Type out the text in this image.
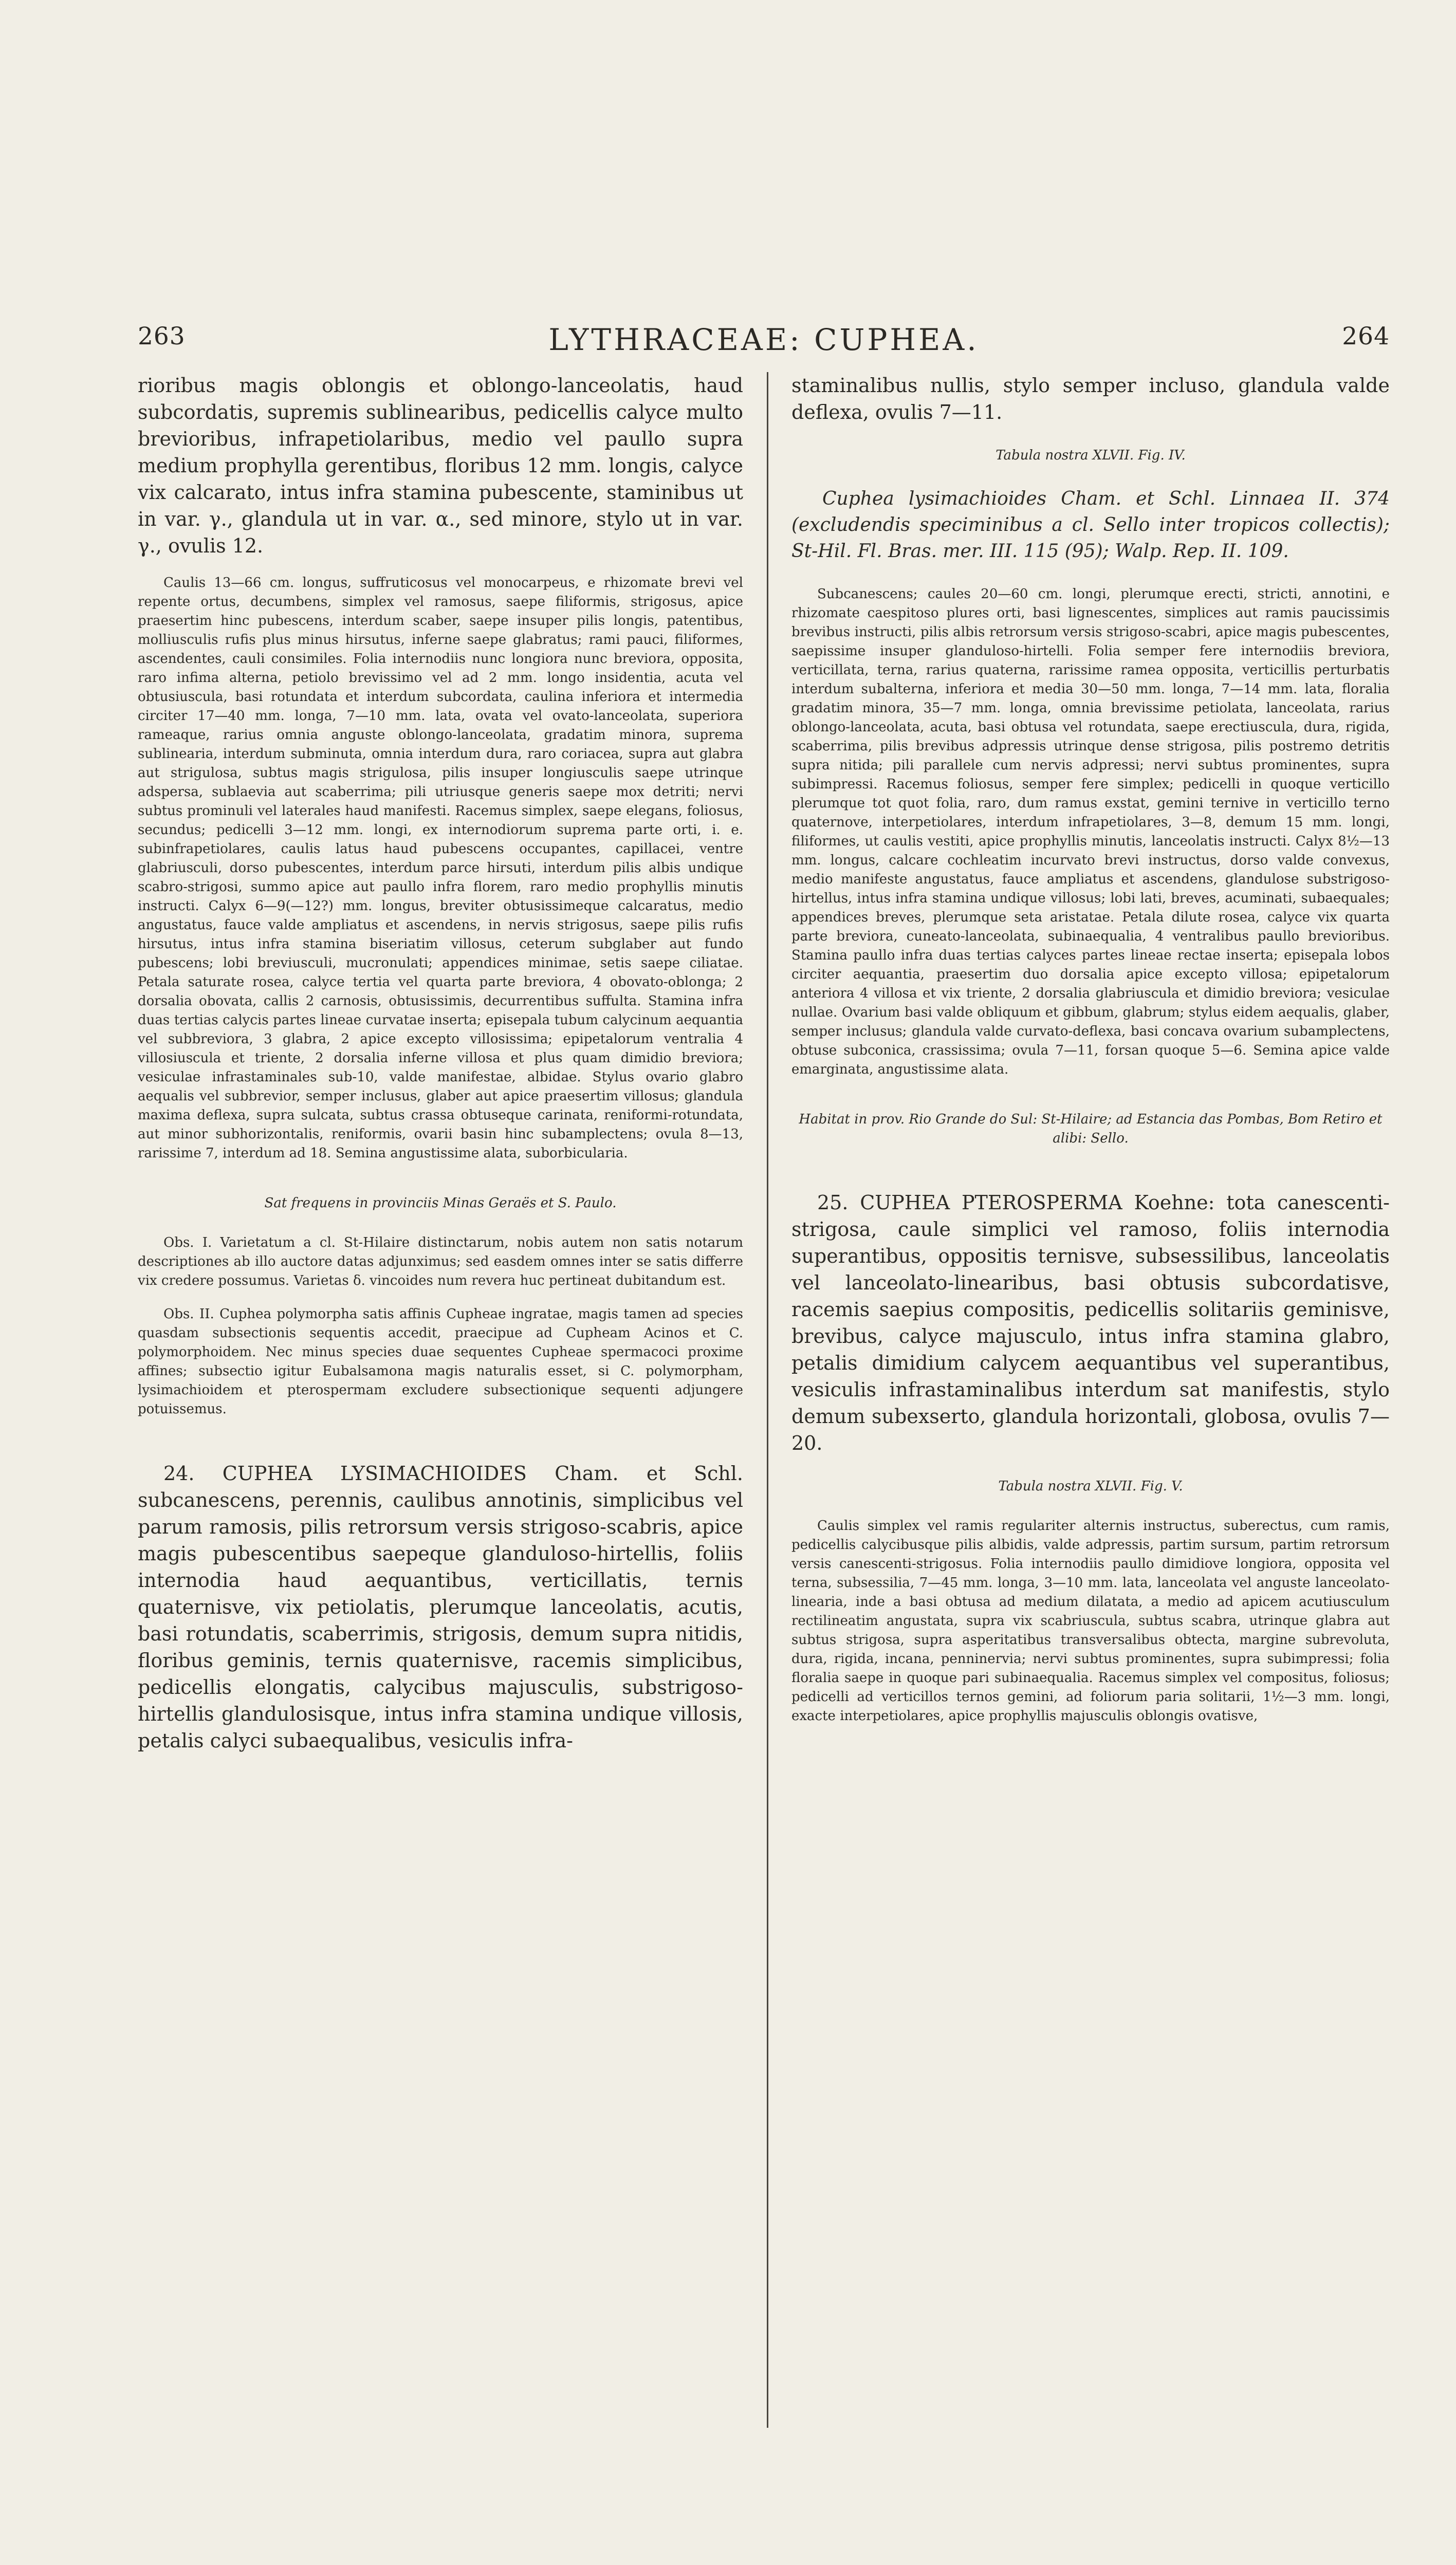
263	LYTHRACEAE: CUPHEA.	264

rioribus magis oblongis et oblongo-lanceolatis, haud subcordatis, supremis sublinearibus, pedicellis calyce multo brevioribus, infrapetiolaribus, medio vel paullo supra medium prophylla gerentibus, floribus 12 mm. longis, calyce vix calcarato, intus infra stamina pubescente, staminibus ut in var. γ., glandula ut in var. α., sed minore, stylo ut in var. γ., ovulis 12.

Caulis 13—66 cm. longus, suffruticosus vel monocarpeus, e rhizomate brevi vel repente ortus, decumbens, simplex vel ramosus, saepe filiformis, strigosus, apice praesertim hinc pubescens, interdum scaber, saepe insuper pilis longis, patentibus, molliusculis rufis plus minus hirsutus, inferne saepe glabratus; rami pauci, filiformes, ascendentes, cauli consimiles. Folia internodiis nunc longiora nunc breviora, opposita, raro infima alterna, petiolo brevissimo vel ad 2 mm. longo insidentia, acuta vel obtusiuscula, basi rotundata et interdum subcordata, caulina inferiora et intermedia circiter 17—40 mm. longa, 7—10 mm. lata, ovata vel ovato-lanceolata, superiora rameaque, rarius omnia anguste oblongo-lanceolata, gradatim minora, suprema sublinearia, interdum subminuta, omnia interdum dura, raro coriacea, supra aut glabra aut strigulosa, subtus magis strigulosa, pilis insuper longiusculis saepe utrinque adspersa, sublaevia aut scaberrima; pili utriusque generis saepe mox detriti; nervi subtus prominuli vel laterales haud manifesti. Racemus simplex, saepe elegans, foliosus, secundus; pedicelli 3—12 mm. longi, ex internodiorum suprema parte orti, i. e. subinfrapetiolares, caulis latus haud pubescens occupantes, capillacei, ventre glabriusculi, dorso pubescentes, interdum parce hirsuti, interdum pilis albis undique scabro-strigosi, summo apice aut paullo infra florem, raro medio prophyllis minutis instructi. Calyx 6—9(—12?) mm. longus, breviter obtusissimeque calcaratus, medio angustatus, fauce valde ampliatus et ascendens, in nervis strigosus, saepe pilis rufis hirsutus, intus infra stamina biseriatim villosus, ceterum subglaber aut fundo pubescens; lobi breviusculi, mucronulati; appendices minimae, setis saepe ciliatae. Petala saturate rosea, calyce tertia vel quarta parte breviora, 4 obovato-oblonga; 2 dorsalia obovata, callis 2 carnosis, obtusissimis, decurrentibus suffulta. Stamina infra duas tertias calycis partes lineae curvatae inserta; episepala tubum calycinum aequantia vel subbreviora, 3 glabra, 2 apice excepto villosissima; epipetalorum ventralia 4 villosiuscula et triente, 2 dorsalia inferne villosa et plus quam dimidio breviora; vesiculae infrastaminales sub-10, valde manifestae, albidae. Stylus ovario glabro aequalis vel subbrevior, semper inclusus, glaber aut apice praesertim villosus; glandula maxima deflexa, supra sulcata, subtus crassa obtuseque carinata, reniformi-rotundata, aut minor subhorizontalis, reniformis, ovarii basin hinc subamplectens; ovula 8—13, rarissime 7, interdum ad 18. Semina angustissime alata, suborbicularia.

Sat frequens in provinciis Minas Geraës et S. Paulo.

Obs. I. Varietatum a cl. St-Hilaire distinctarum, nobis autem non satis notarum descriptiones ab illo auctore datas adjunximus; sed easdem omnes inter se satis differre vix credere possumus. Varietas δ. vincoides num revera huc pertineat dubitandum est.

Obs. II. Cuphea polymorpha satis affinis Cupheae ingratae, magis tamen ad species quasdam subsectionis sequentis accedit, praecipue ad Cupheam Acinos et C. polymorphoidem. Nec minus species duae sequentes Cupheae spermacoci proxime affines; subsectio igitur Eubalsamona magis naturalis esset, si C. polymorpham, lysimachioidem et pterospermam excludere subsectionique sequenti adjungere potuissemus.

24. CUPHEA LYSIMACHIOIDES Cham. et Schl. subcanescens, perennis, caulibus annotinis, simplicibus vel parum ramosis, pilis retrorsum versis strigoso-scabris, apice magis pubescentibus saepeque glanduloso-hirtellis, foliis internodia haud aequantibus, verticillatis, ternis quaternisve, vix petiolatis, plerumque lanceolatis, acutis, basi rotundatis, scaberrimis, strigosis, demum supra nitidis, floribus geminis, ternis quaternisve, racemis simplicibus, pedicellis elongatis, calycibus majusculis, substrigoso-hirtellis glandulosisque, intus infra stamina undique villosis, petalis calyci subaequalibus, vesiculis infra-

staminalibus nullis, stylo semper incluso, glandula valde deflexa, ovulis 7—11.

Tabula nostra XLVII. Fig. IV.

Cuphea lysimachioides Cham. et Schl. Linnaea II. 374 (excludendis speciminibus a cl. Sello inter tropicos collectis); St-Hil. Fl. Bras. mer. III. 115 (95); Walp. Rep. II. 109.

Subcanescens; caules 20—60 cm. longi, plerumque erecti, stricti, annotini, e rhizomate caespitoso plures orti, basi lignescentes, simplices aut ramis paucissimis brevibus instructi, pilis albis retrorsum versis strigoso-scabri, apice magis pubescentes, saepissime insuper glanduloso-hirtelli. Folia semper fere internodiis breviora, verticillata, terna, rarius quaterna, rarissime ramea opposita, verticillis perturbatis interdum subalterna, inferiora et media 30—50 mm. longa, 7—14 mm. lata, floralia gradatim minora, 35—7 mm. longa, omnia brevissime petiolata, lanceolata, rarius oblongo-lanceolata, acuta, basi obtusa vel rotundata, saepe erectiuscula, dura, rigida, scaberrima, pilis brevibus adpressis utrinque dense strigosa, pilis postremo detritis supra nitida; pili parallele cum nervis adpressi; nervi subtus prominentes, supra subimpressi. Racemus foliosus, semper fere simplex; pedicelli in quoque verticillo plerumque tot quot folia, raro, dum ramus exstat, gemini ternive in verticillo terno quaternove, interpetiolares, interdum infrapetiolares, 3—8, demum 15 mm. longi, filiformes, ut caulis vestiti, apice prophyllis minutis, lanceolatis instructi. Calyx 8½—13 mm. longus, calcare cochleatim incurvato brevi instructus, dorso valde convexus, medio manifeste angustatus, fauce ampliatus et ascendens, glandulose substrigoso-hirtellus, intus infra stamina undique villosus; lobi lati, breves, acuminati, subaequales; appendices breves, plerumque seta aristatae. Petala dilute rosea, calyce vix quarta parte breviora, cuneato-lanceolata, subinaequalia, 4 ventralibus paullo brevioribus. Stamina paullo infra duas tertias calyces partes lineae rectae inserta; episepala lobos circiter aequantia, praesertim duo dorsalia apice excepto villosa; epipetalorum anteriora 4 villosa et vix triente, 2 dorsalia glabriuscula et dimidio breviora; vesiculae nullae. Ovarium basi valde obliquum et gibbum, glabrum; stylus eidem aequalis, glaber, semper inclusus; glandula valde curvato-deflexa, basi concava ovarium subamplectens, obtuse subconica, crassissima; ovula 7—11, forsan quoque 5—6. Semina apice valde emarginata, angustissime alata.

Habitat in prov. Rio Grande do Sul: St-Hilaire; ad Estancia das Pombas, Bom Retiro et alibi: Sello.

25. CUPHEA PTEROSPERMA Koehne: tota canescenti-strigosa, caule simplici vel ramoso, foliis internodia superantibus, oppositis ternisve, subsessilibus, lanceolatis vel lanceolato-linearibus, basi obtusis subcordatisve, racemis saepius compositis, pedicellis solitariis geminisve, brevibus, calyce majusculo, intus infra stamina glabro, petalis dimidium calycem aequantibus vel superantibus, vesiculis infrastaminalibus interdum sat manifestis, stylo demum subexserto, glandula horizontali, globosa, ovulis 7—20.

Tabula nostra XLVII. Fig. V.

Caulis simplex vel ramis regulariter alternis instructus, suberectus, cum ramis, pedicellis calycibusque pilis albidis, valde adpressis, partim sursum, partim retrorsum versis canescenti-strigosus. Folia internodiis paullo dimidiove longiora, opposita vel terna, subsessilia, 7—45 mm. longa, 3—10 mm. lata, lanceolata vel anguste lanceolato-linearia, inde a basi obtusa ad medium dilatata, a medio ad apicem acutiusculum rectilineatim angustata, supra vix scabriuscula, subtus scabra, utrinque glabra aut subtus strigosa, supra asperitatibus transversalibus obtecta, margine subrevoluta, dura, rigida, incana, penninervia; nervi subtus prominentes, supra subimpressi; folia floralia saepe in quoque pari subinaequalia. Racemus simplex vel compositus, foliosus; pedicelli ad verticillos ternos gemini, ad foliorum paria solitarii, 1½—3 mm. longi, exacte interpetiolares, apice prophyllis majusculis oblongis ovatisve,
